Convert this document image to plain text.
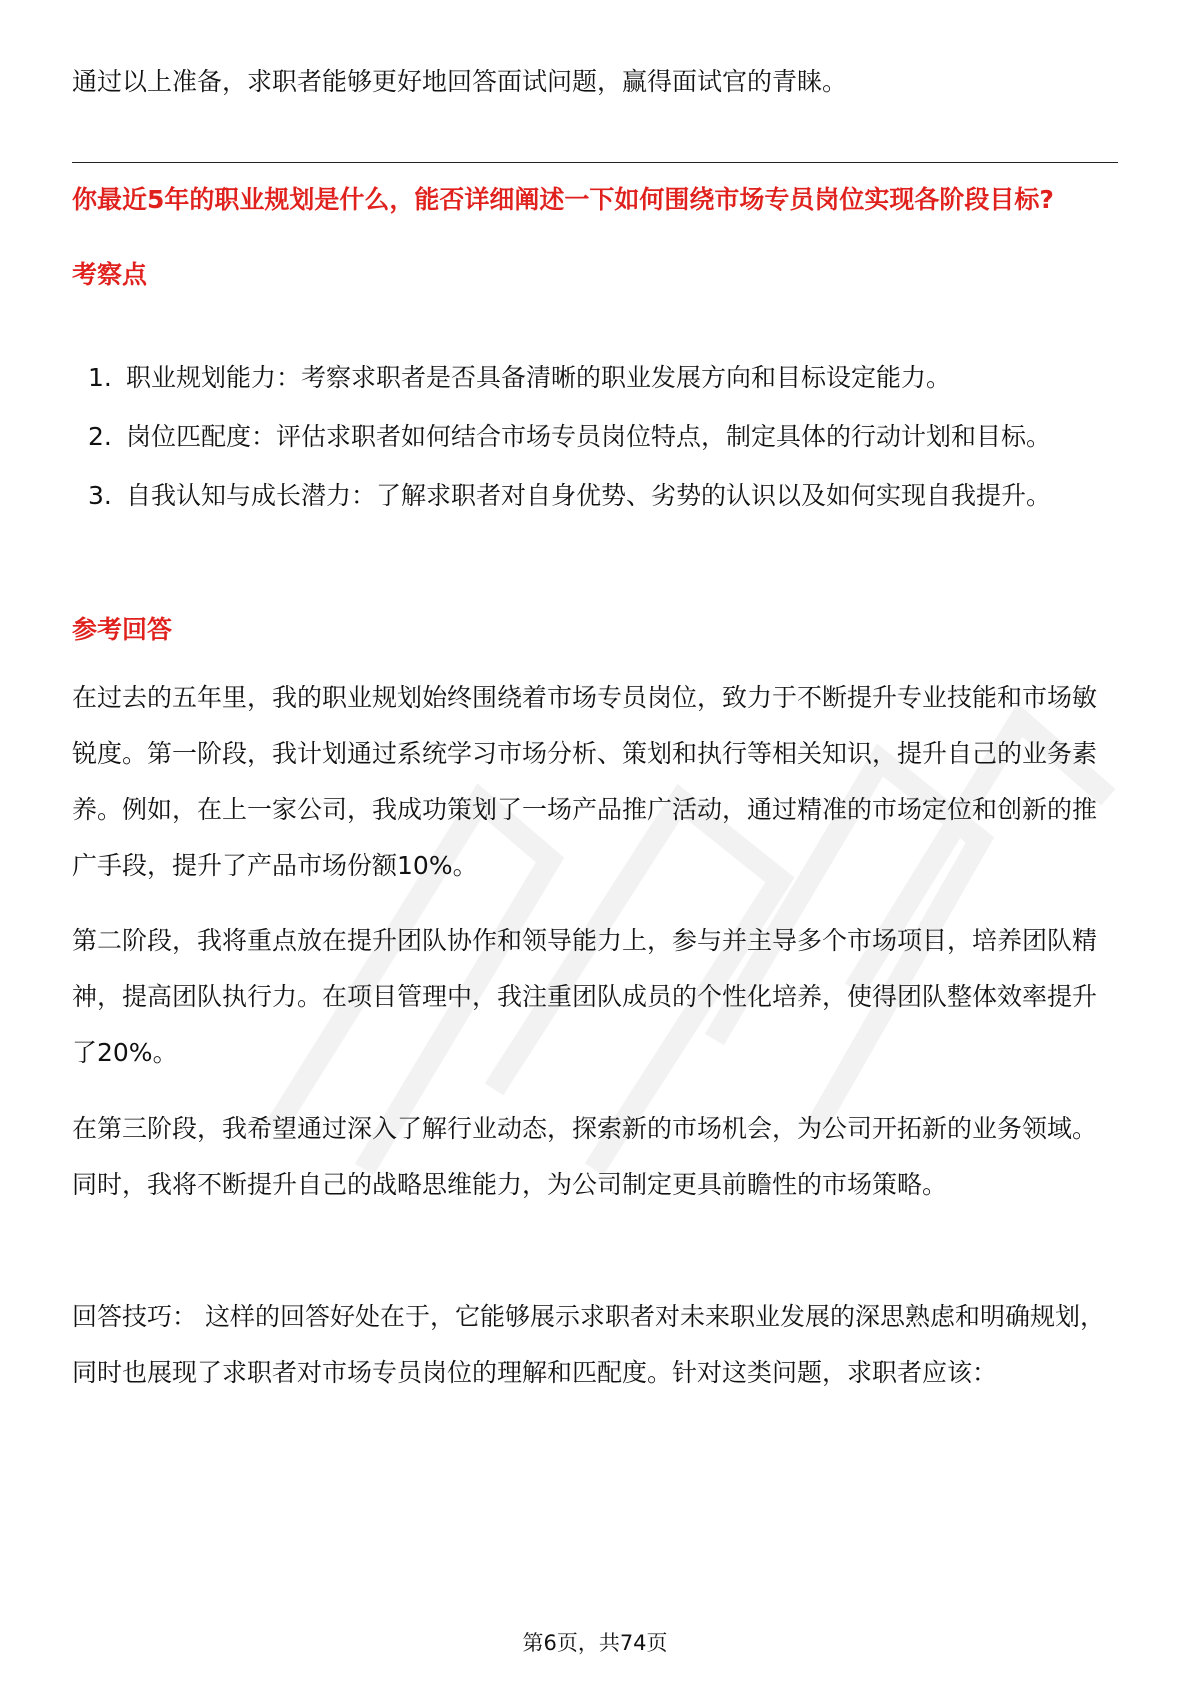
通过以上准备，求职者能够更好地回答面试问题，赢得面试官的青睐。
你最近5年的职业规划是什么，能否详细阐述一下如何围绕市场专员岗位实现各阶段目标?
考察点
1. 职业规划能力：考察求职者是否具备清晰的职业发展方向和目标设定能力。
2. 岗位匹配度：评估求职者如何结合市场专员岗位特点，制定具体的行动计划和目标。
3. 自我认知与成长潜力：了解求职者对自身优势、劣势的认识以及如何实现自我提升。
参考回答

在过去的五年里，我的职业规划始终围绕着市场专员岗位，致力于不断提升专业技能和市场敏锐度。第一阶段，我计划通过系统学习市场分析、策划和执行等相关知识，提升自己的业务素养。例如，在上一家公司，我成功策划了一场产品推广活动，通过精准的市场定位和创新的推广手段，提升了产品市场份额10%。

第二阶段，我将重点放在提升团队协作和领导能力上，参与并主导多个市场项目，培养团队精神，提高团队执行力。在项目管理中，我注重团队成员的个性化培养，使得团队整体效率提升了20%。

在第三阶段，我希望通过深入了解行业动态，探索新的市场机会，为公司开拓新的业务领域。同时，我将不断提升自己的战略思维能力，为公司制定更具前瞻性的市场策略。

回答技巧： 这样的回答好处在于，它能够展示求职者对未来职业发展的深思熟虑和明确规划，同时也展现了求职者对市场专员岗位的理解和匹配度。针对这类问题，求职者应该：

第6页，共74页
